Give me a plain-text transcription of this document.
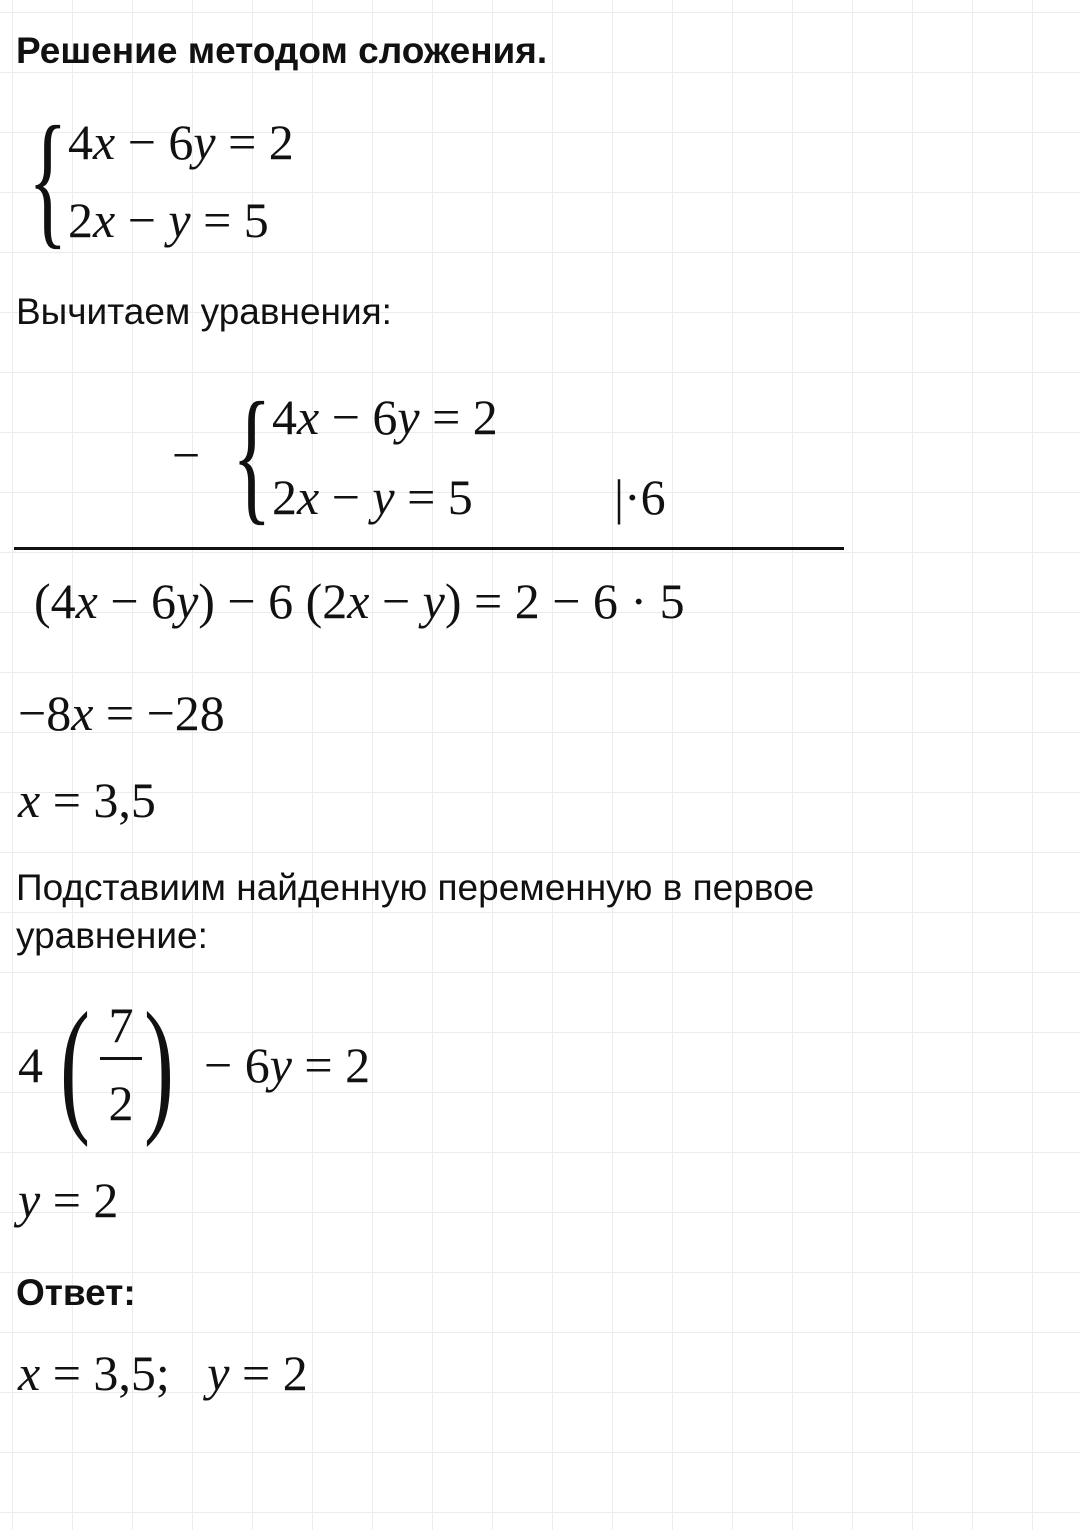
Решение методом сложения.
{ 4x − 6y = 2
2x − y = 5
Вычитаем уравнения:
− { 4x − 6y = 2
2x − y = 5	|·6
(4x − 6y) − 6 (2x − y) = 2 − 6 · 5
−8x = −28
x = 3,5
Подставиим найденную переменную в первое уравнение:
4 ( 7
2 ) − 6y = 2
y = 2
Ответ:
x = 3,5;   y = 2
